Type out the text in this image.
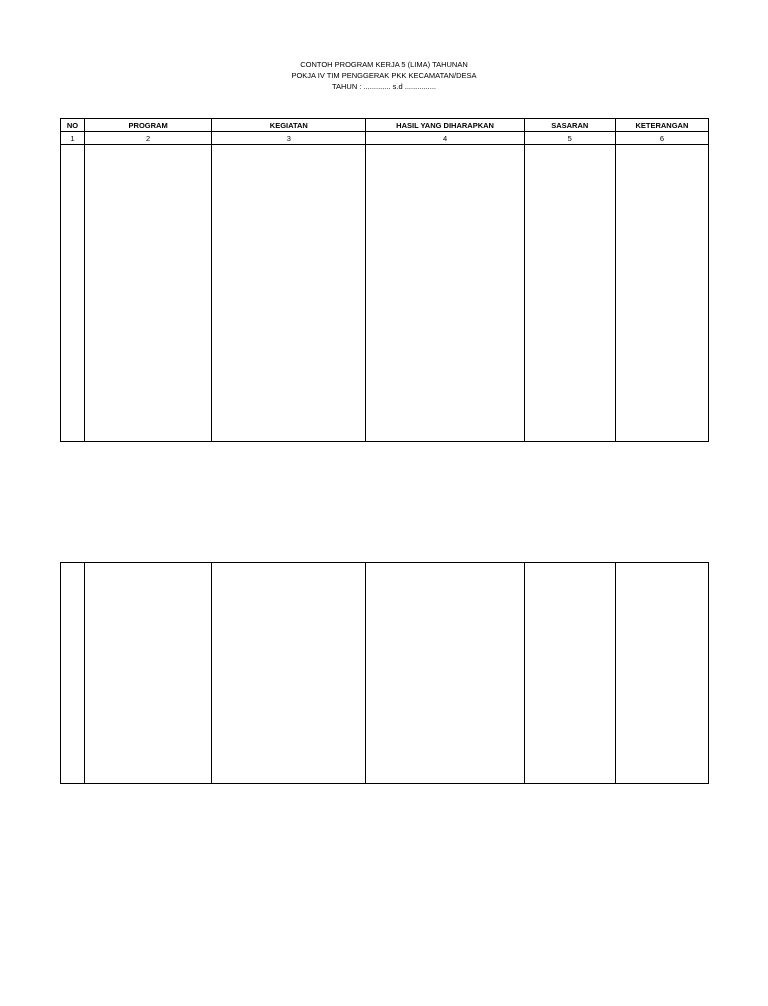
CONTOH PROGRAM KERJA 5 (LIMA) TAHUNAN
POKJA IV TIM PENGGERAK PKK KECAMATAN/DESA
TAHUN : ............. s.d ...............
NO	PROGRAM	KEGIATAN	HASIL YANG DIHARAPKAN	SASARAN	KETERANGAN
1	2	3	4	5	6
